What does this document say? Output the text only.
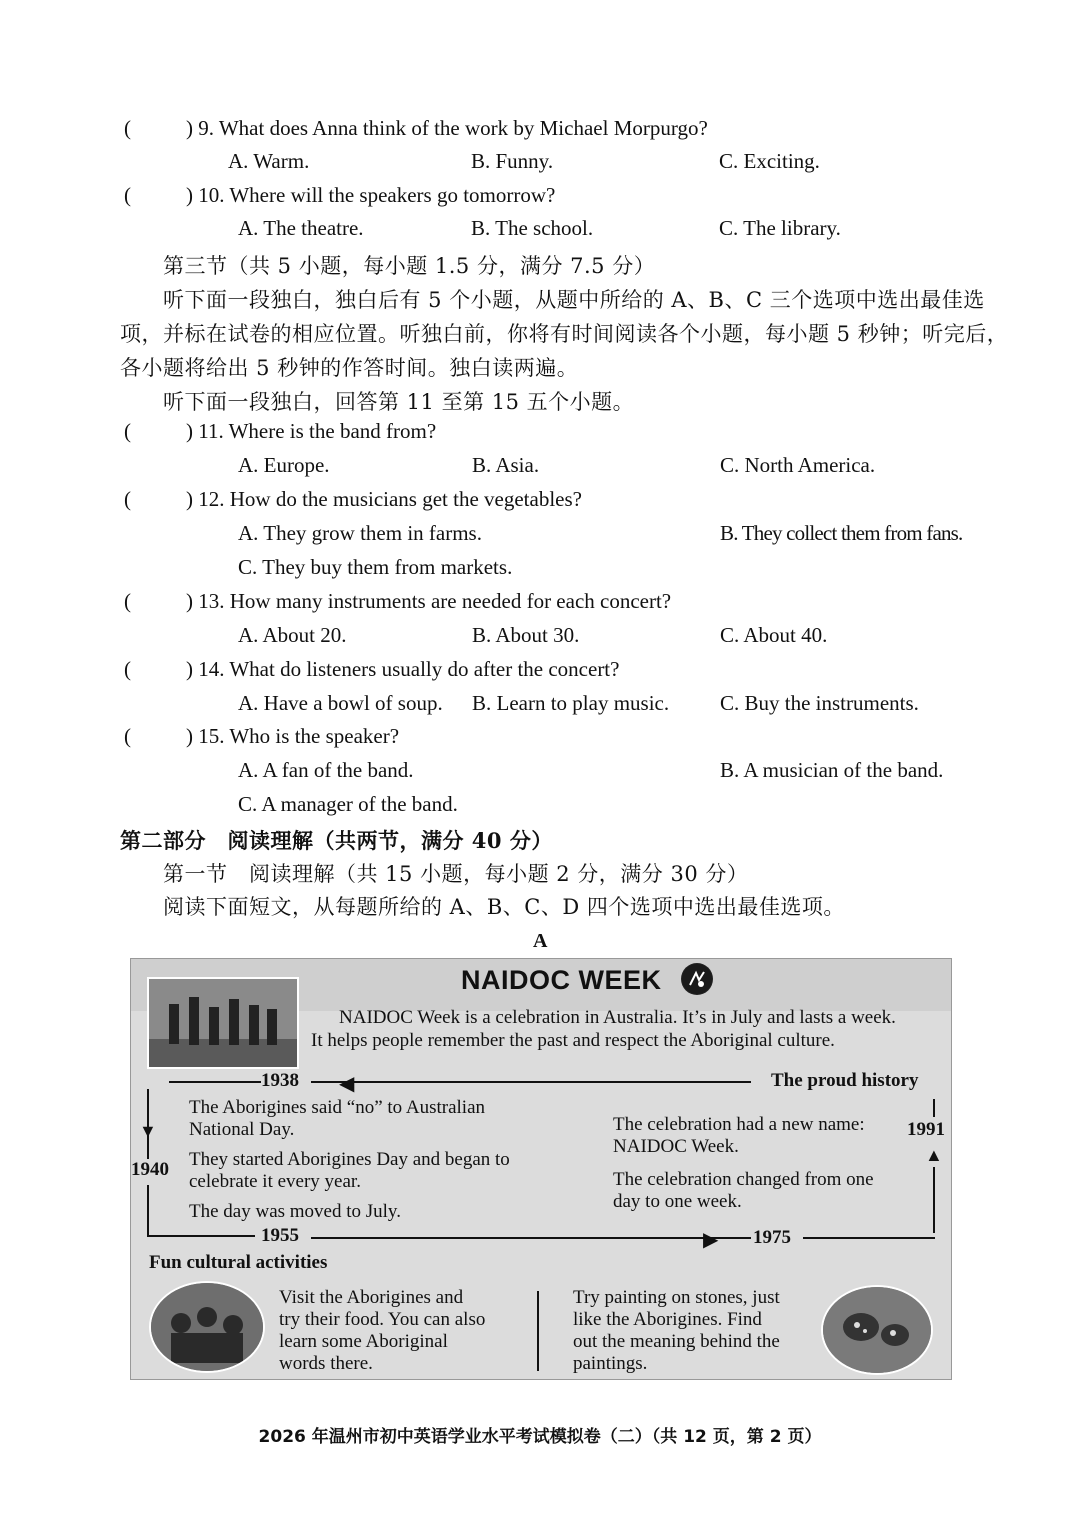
(	) 9. What does Anna think of the work by Michael Morpurgo?
A. Warm.	B. Funny.	C. Exciting.
(	) 10. Where will the speakers go tomorrow?
A. The theatre.	B. The school.	C. The library.
第三节（共 5 小题，每小题 1.5 分，满分 7.5 分）
听下面一段独白，独白后有 5 个小题，从题中所给的 A、B、C 三个选项中选出最佳选
项，并标在试卷的相应位置。听独白前，你将有时间阅读各个小题，每小题 5 秒钟；听完后，
各小题将给出 5 秒钟的作答时间。独白读两遍。
听下面一段独白，回答第 11 至第 15 五个小题。
(	) 11. Where is the band from?
A. Europe.	B. Asia.	C. North America.
(	) 12. How do the musicians get the vegetables?
A. They grow them in farms.	B. They collect them from fans.
C. They buy them from markets.
(	) 13. How many instruments are needed for each concert?
A. About 20.	B. About 30.	C. About 40.
(	) 14. What do listeners usually do after the concert?
A. Have a bowl of soup. B. Learn to play music. C. Buy the instruments.
(	) 15. Who is the speaker?
A. A fan of the band.	B. A musician of the band.
C. A manager of the band.
第二部分　阅读理解（共两节，满分 40 分）
第一节　阅读理解（共 15 小题，每小题 2 分，满分 30 分）
阅读下面短文，从每题所给的 A、B、C、D 四个选项中选出最佳选项。
A
NAIDOC WEEK
NAIDOC Week is a celebration in Australia. It’s in July and lasts a week.
It helps people remember the past and respect the Aboriginal culture.
1938 ◀	The proud history
▼
1940
The Aborigines said “no” to Australian
National Day.
They started Aborigines Day and began to
celebrate it every year.
The day was moved to July.
The celebration had a new name:
NAIDOC Week.
The celebration changed from one
day to one week.
1991
▲
1955	▶ 1975
Fun cultural activities
Visit the Aborigines and
try their food. You can also
learn some Aboriginal
words there.
Try painting on stones, just
like the Aborigines. Find
out the meaning behind the
paintings.
2026 年温州市初中英语学业水平考试模拟卷（二）（共 12 页，第 2 页）
